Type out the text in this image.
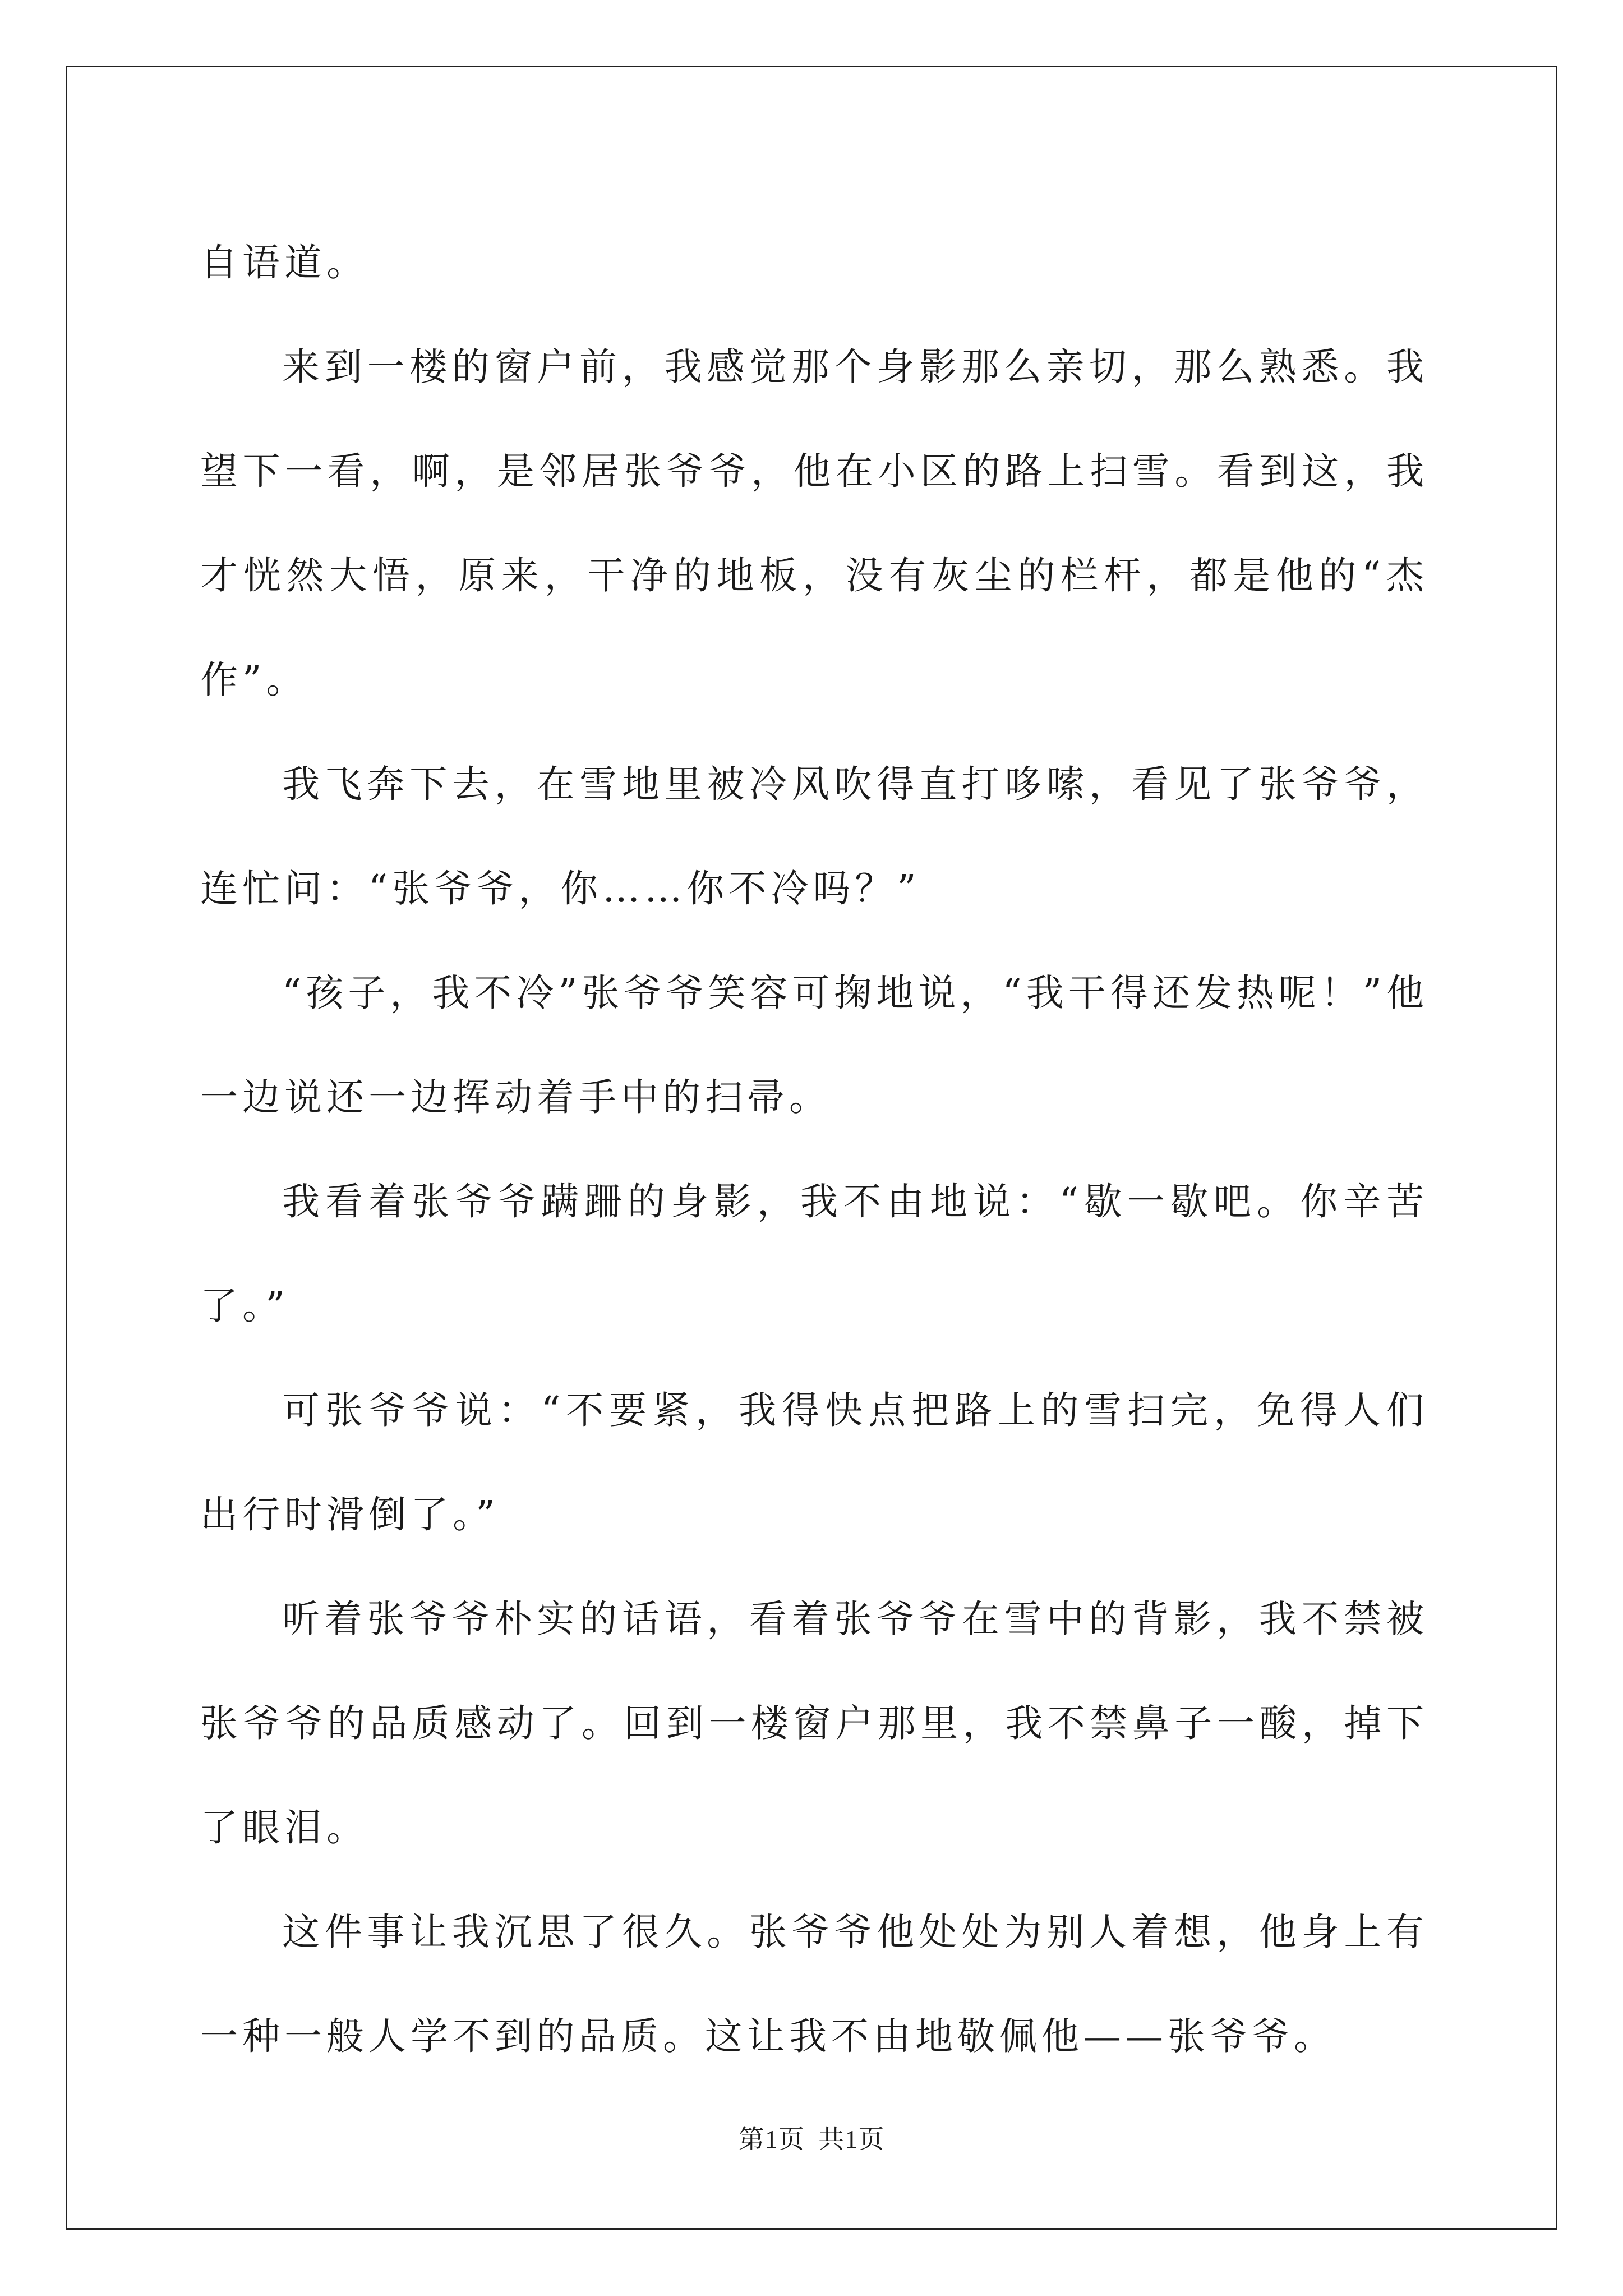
自语道。

来到一楼的窗户前，我感觉那个身影那么亲切，那么熟悉。我望下一看，啊，是邻居张爷爷，他在小区的路上扫雪。看到这，我才恍然大悟，原来，干净的地板，没有灰尘的栏杆，都是他的“杰作”。

我飞奔下去，在雪地里被冷风吹得直打哆嗦，看见了张爷爷，连忙问：“张爷爷，你……你不冷吗？”

“孩子，我不冷”张爷爷笑容可掬地说，“我干得还发热呢！”他一边说还一边挥动着手中的扫帚。

我看着张爷爷蹒跚的身影，我不由地说：“歇一歇吧。你辛苦了。”

可张爷爷说：“不要紧，我得快点把路上的雪扫完，免得人们出行时滑倒了。”

听着张爷爷朴实的话语，看着张爷爷在雪中的背影，我不禁被张爷爷的品质感动了。回到一楼窗户那里，我不禁鼻子一酸，掉下了眼泪。

这件事让我沉思了很久。张爷爷他处处为别人着想，他身上有一种一般人学不到的品质。这让我不由地敬佩他——张爷爷。

第1页 共1页
